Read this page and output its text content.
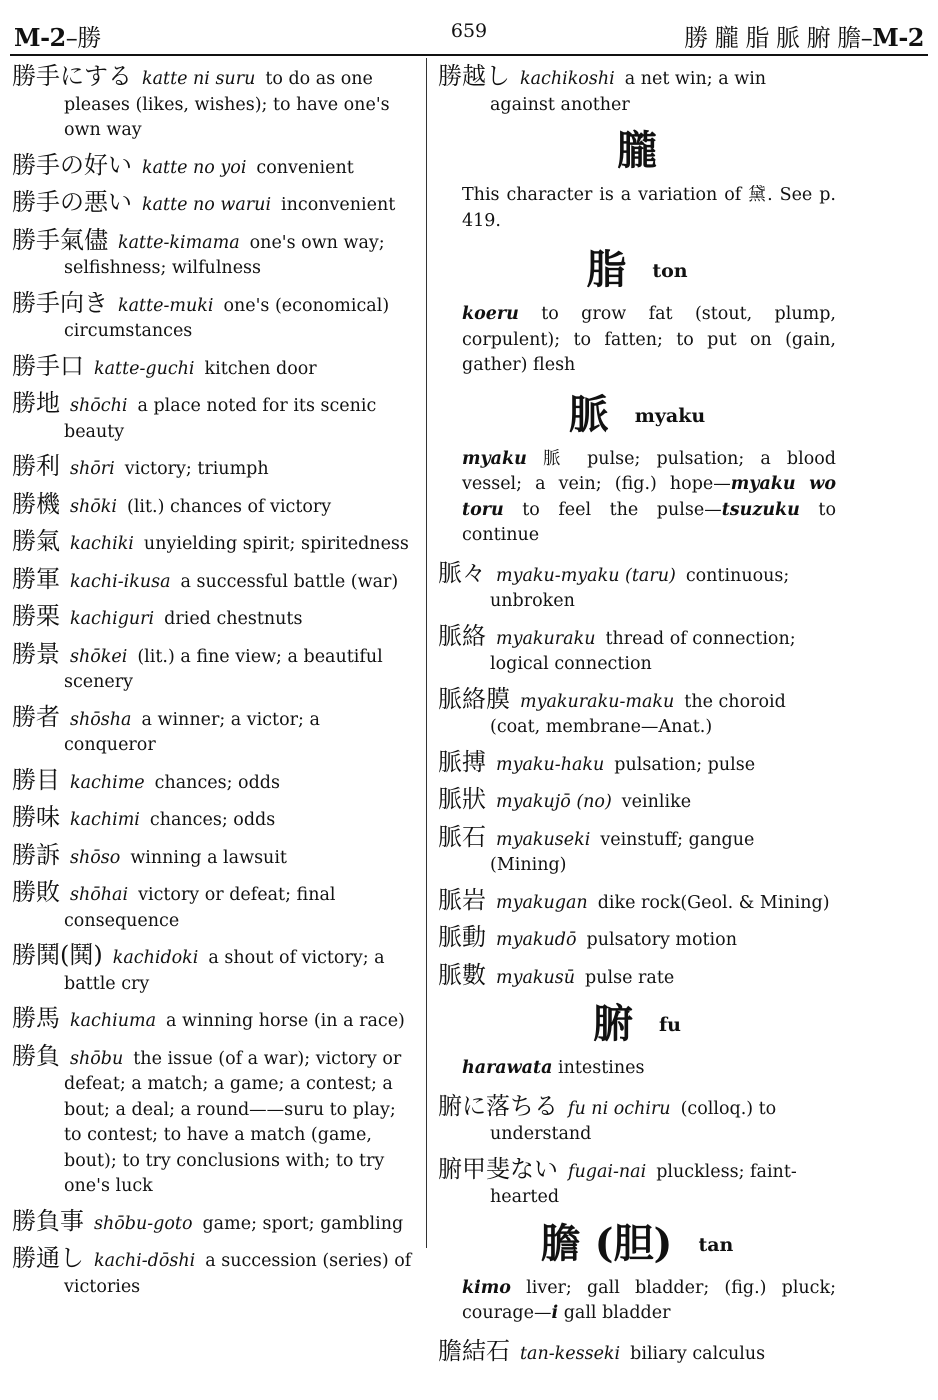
M-2–勝	659	勝 朧 脂 脈 腑 膽–M-2
勝手にする katte ni suru to do as one pleases (likes, wishes); to have one's own way
勝手の好い katte no yoi convenient
勝手の悪い katte no warui inconvenient
勝手氣儘 katte-kimama one's own way; selfishness; wilfulness
勝手向き katte-muki one's (economical) circumstances
勝手口 katte-guchi kitchen door
勝地 shōchi a place noted for its scenic beauty
勝利 shōri victory; triumph
勝機 shōki (lit.) chances of victory
勝氣 kachiki unyielding spirit; spiritedness
勝軍 kachi-ikusa a successful battle (war)
勝栗 kachiguri dried chestnuts
勝景 shōkei (lit.) a fine view; a beautiful scenery
勝者 shōsha a winner; a victor; a conqueror
勝目 kachime chances; odds
勝味 kachimi chances; odds
勝訴 shōso winning a lawsuit
勝敗 shōhai victory or defeat; final consequence
勝鬨(鬨) kachidoki a shout of victory; a battle cry
勝馬 kachiuma a winning horse (in a race)
勝負 shōbu the issue (of a war); victory or defeat; a match; a game; a contest; a bout; a deal; a round——suru to play; to contest; to have a match (game, bout); to try conclusions with; to try one's luck
勝負事 shōbu-goto game; sport; gambling
勝通し kachi-dōshi a succession (series) of victories
勝越し kachikoshi a net win; a win against another
朧
This character is a variation of 黛. See p. 419.
脂 ton
koeru to grow fat (stout, plump, corpulent); to fatten; to put on (gain, gather) flesh
脈 myaku
myaku 脈 pulse; pulsation; a blood vessel; a vein; (fig.) hope—myaku wo toru to feel the pulse—tsuzuku to continue
脈々 myaku-myaku (taru) continuous; unbroken
脈絡 myakuraku thread of connection; logical connection
脈絡膜 myakuraku-maku the choroid (coat, membrane—Anat.)
脈搏 myaku-haku pulsation; pulse
脈狀 myakujō (no) veinlike
脈石 myakuseki veinstuff; gangue (Mining)
脈岩 myakugan dike rock(Geol. & Mining)
脈動 myakudō pulsatory motion
脈數 myakusū pulse rate
腑 fu
harawata intestines
腑に落ちる fu ni ochiru (colloq.) to understand
腑甲斐ない fugai-nai pluckless; faint-hearted
膽 (胆) tan
kimo liver; gall bladder; (fig.) pluck; courage—i gall bladder
膽結石 tan-kesseki biliary calculus
